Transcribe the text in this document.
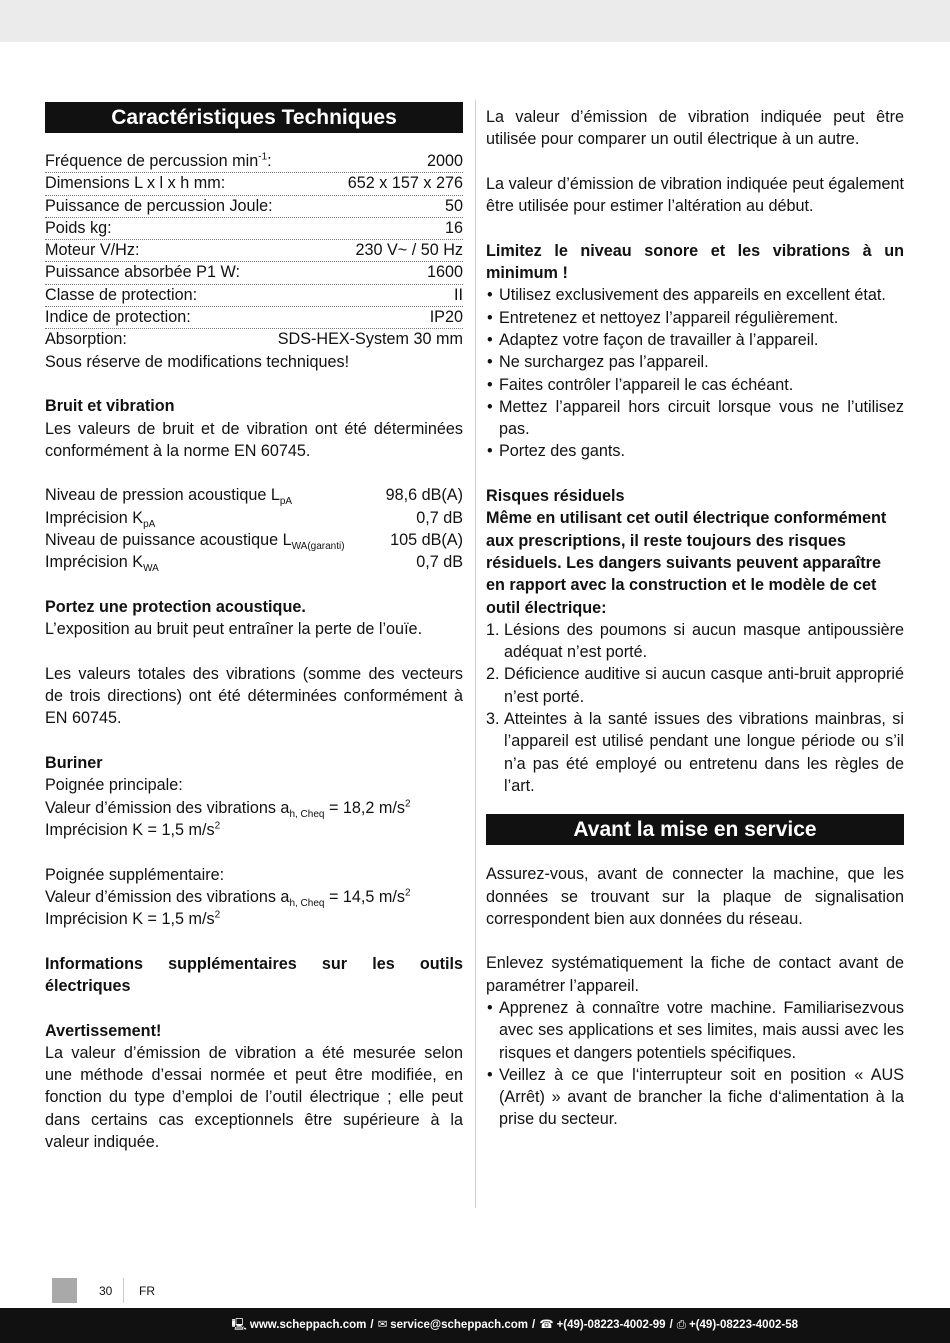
Caractéristiques Techniques
Fréquence de percussion $\min^{-1}$:	2000
Dimensions L x l x h mm:	652 x 157 x 276
Puissance de percussion Joule:	50
Poids kg:	16
Moteur V/Hz:	230 V~ / 50 Hz
Puissance absorbée P1 W:	1600
Classe de protection:	II
Indice de protection:	IP20
Absorption:	SDS-HEX-System 30 mm

Sous réserve de modifications techniques!

Bruit et vibration

Les valeurs de bruit et de vibration ont été déterminées conformément à la norme EN 60745.

Niveau de pression acoustique $L_{pA}$	98,6 dB(A)
Imprécision $K_{pA}$	0,7 dB
Niveau de puissance acoustique $L_{WA(garanti)}$	105 dB(A)
Imprécision $K_{WA}$	0,7 dB

Portez une protection acoustique.

L’exposition au bruit peut entraîner la perte de l’ouïe.

Les valeurs totales des vibrations (somme des vecteurs de trois directions) ont été déterminées conformément à EN 60745.

Buriner

Poignée principale:

Valeur d’émission des vibrations $a_{h, Cheq} = 18,2$ $m/s^2$

Imprécision K = 1,5 $m/s^2$

Poignée supplémentaire:

Valeur d’émission des vibrations $a_{h, Cheq} = 14,5$ $m/s^2$

Imprécision K = 1,5 $m/s^2$

Informations supplémentaires sur les outils électriques

Avertissement!

La valeur d’émission de vibration a été mesurée selon une méthode d’essai normée et peut être modifiée, en fonction du type d’emploi de l’outil électrique ; elle peut dans certains cas exceptionnels être supérieure à la valeur indiquée.

La valeur d’émission de vibration indiquée peut être utilisée pour comparer un outil électrique à un autre.

La valeur d’émission de vibration indiquée peut également être utilisée pour estimer l’altération au début.

Limitez le niveau sonore et les vibrations à un minimum !

• Utilisez exclusivement des appareils en excellent état.
• Entretenez et nettoyez l’appareil régulièrement.
• Adaptez votre façon de travailler à l’appareil.
• Ne surchargez pas l’appareil.
• Faites contrôler l’appareil le cas échéant.
• Mettez l’appareil hors circuit lorsque vous ne l’utilisez pas.
• Portez des gants.

Risques résiduels

Même en utilisant cet outil électrique conformément aux prescriptions, il reste toujours des risques résiduels. Les dangers suivants peuvent apparaître en rapport avec la construction et le modèle de cet outil électrique:

1. Lésions des poumons si aucun masque antipoussière adéquat n’est porté.
2. Déficience auditive si aucun casque anti-bruit approprié n’est porté.
3. Atteintes à la santé issues des vibrations mainbras, si l’appareil est utilisé pendant une longue période ou s’il n’a pas été employé ou entretenu dans les règles de l’art.
Avant la mise en service

Assurez-vous, avant de connecter la machine, que les données se trouvant sur la plaque de signalisation correspondent bien aux données du réseau.

Enlevez systématiquement la fiche de contact avant de paramétrer l’appareil.

• Apprenez à connaître votre machine. Familiarisezvous avec ses applications et ses limites, mais aussi avec les risques et dangers potentiels spécifiques.
• Veillez à ce que l‘interrupteur soit en position « AUS (Arrêt) » avant de brancher la fiche d‘alimentation à la prise du secteur.
30 FR
🖳 www.scheppach.com / ✉ service@scheppach.com / ☎ +(49)-08223-4002-99 / ⎙ +(49)-08223-4002-58
